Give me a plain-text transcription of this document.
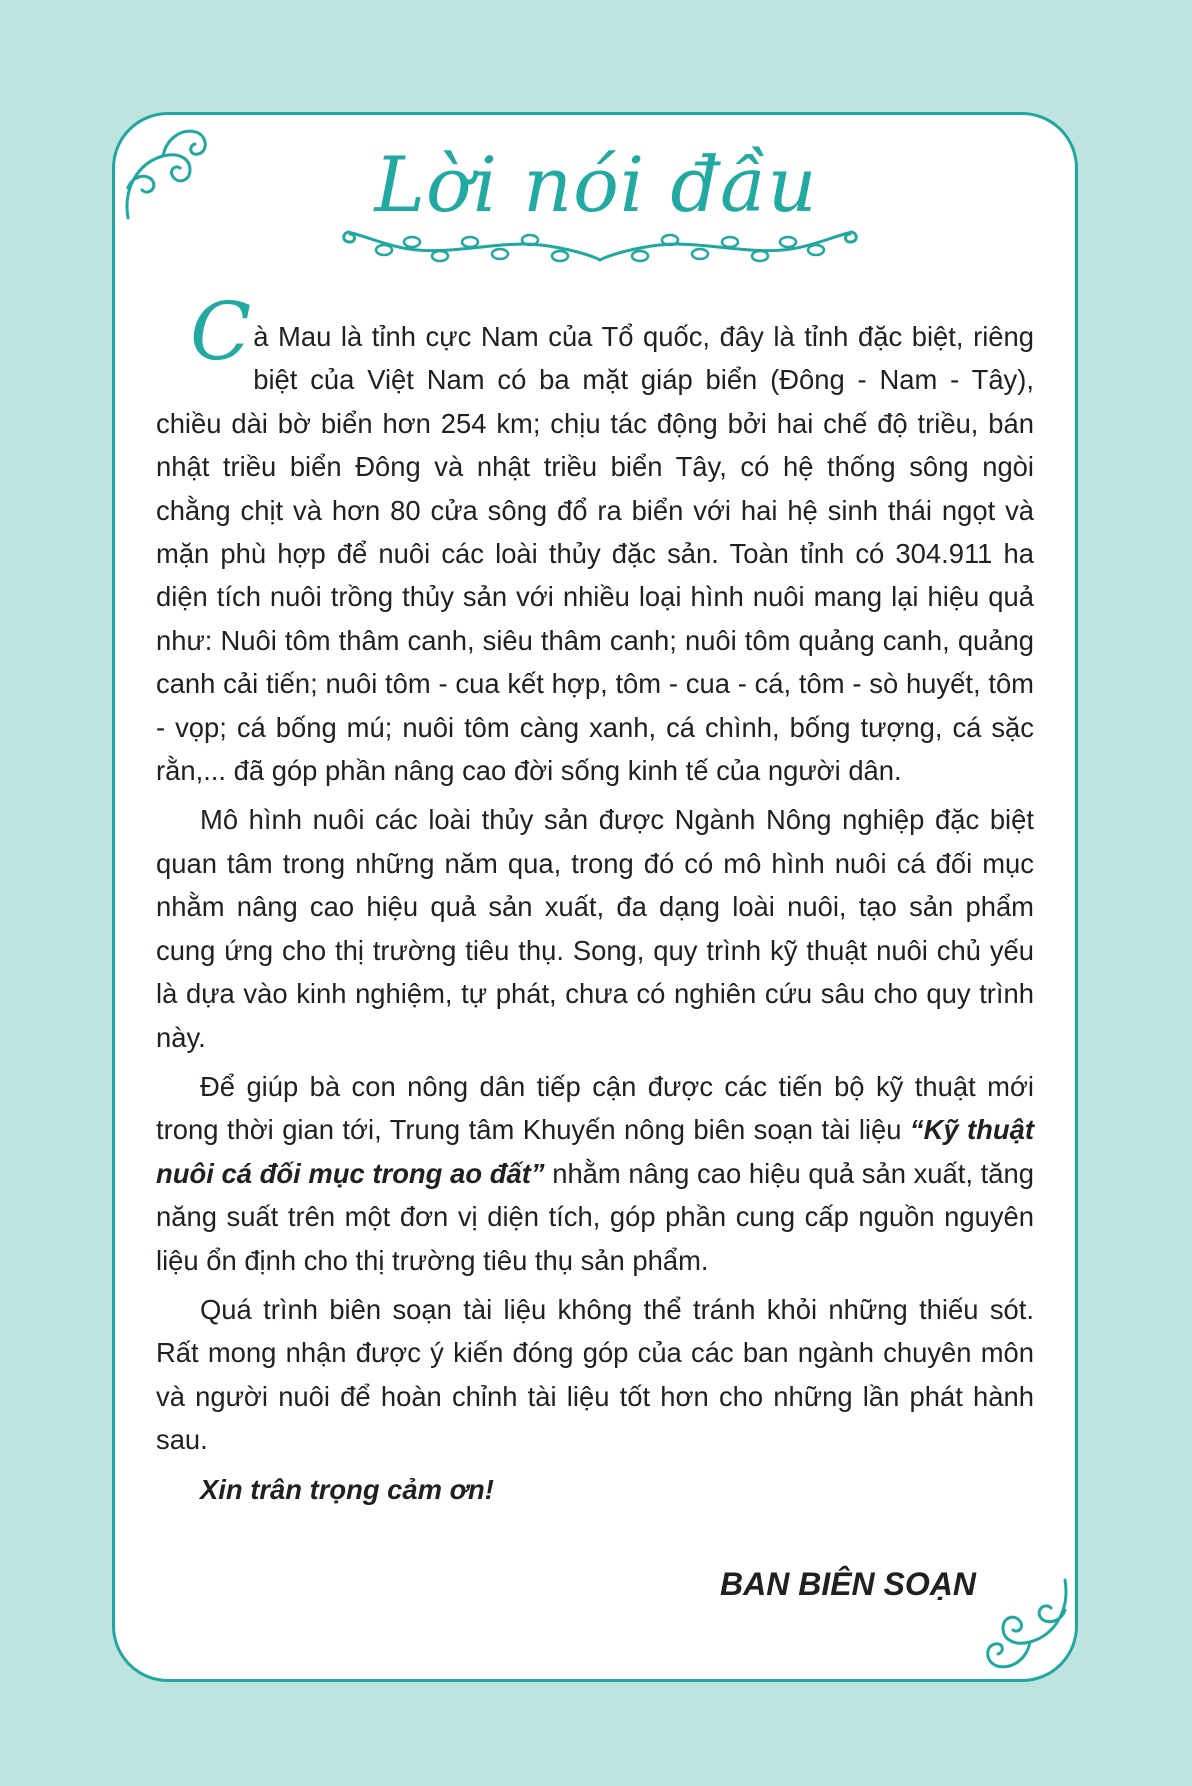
Lời nói đầu

Cà Mau là tỉnh cực Nam của Tổ quốc, đây là tỉnh đặc biệt, riêng biệt của Việt Nam có ba mặt giáp biển (Đông - Nam - Tây), chiều dài bờ biển hơn 254 km; chịu tác động bởi hai chế độ triều, bán nhật triều biển Đông và nhật triều biển Tây, có hệ thống sông ngòi chằng chịt và hơn 80 cửa sông đổ ra biển với hai hệ sinh thái ngọt và mặn phù hợp để nuôi các loài thủy đặc sản. Toàn tỉnh có 304.911 ha diện tích nuôi trồng thủy sản với nhiều loại hình nuôi mang lại hiệu quả như: Nuôi tôm thâm canh, siêu thâm canh; nuôi tôm quảng canh, quảng canh cải tiến; nuôi tôm - cua kết hợp, tôm - cua - cá, tôm - sò huyết, tôm - vọp; cá bống mú; nuôi tôm càng xanh, cá chình, bống tượng, cá sặc rằn,... đã góp phần nâng cao đời sống kinh tế của người dân.

Mô hình nuôi các loài thủy sản được Ngành Nông nghiệp đặc biệt quan tâm trong những năm qua, trong đó có mô hình nuôi cá đối mục nhằm nâng cao hiệu quả sản xuất, đa dạng loài nuôi, tạo sản phẩm cung ứng cho thị trường tiêu thụ. Song, quy trình kỹ thuật nuôi chủ yếu là dựa vào kinh nghiệm, tự phát, chưa có nghiên cứu sâu cho quy trình này.

Để giúp bà con nông dân tiếp cận được các tiến bộ kỹ thuật mới trong thời gian tới, Trung tâm Khuyến nông biên soạn tài liệu “Kỹ thuật nuôi cá đối mục trong ao đất” nhằm nâng cao hiệu quả sản xuất, tăng năng suất trên một đơn vị diện tích, góp phần cung cấp nguồn nguyên liệu ổn định cho thị trường tiêu thụ sản phẩm.

Quá trình biên soạn tài liệu không thể tránh khỏi những thiếu sót. Rất mong nhận được ý kiến đóng góp của các ban ngành chuyên môn và người nuôi để hoàn chỉnh tài liệu tốt hơn cho những lần phát hành sau.

Xin trân trọng cảm ơn!

BAN BIÊN SOẠN
